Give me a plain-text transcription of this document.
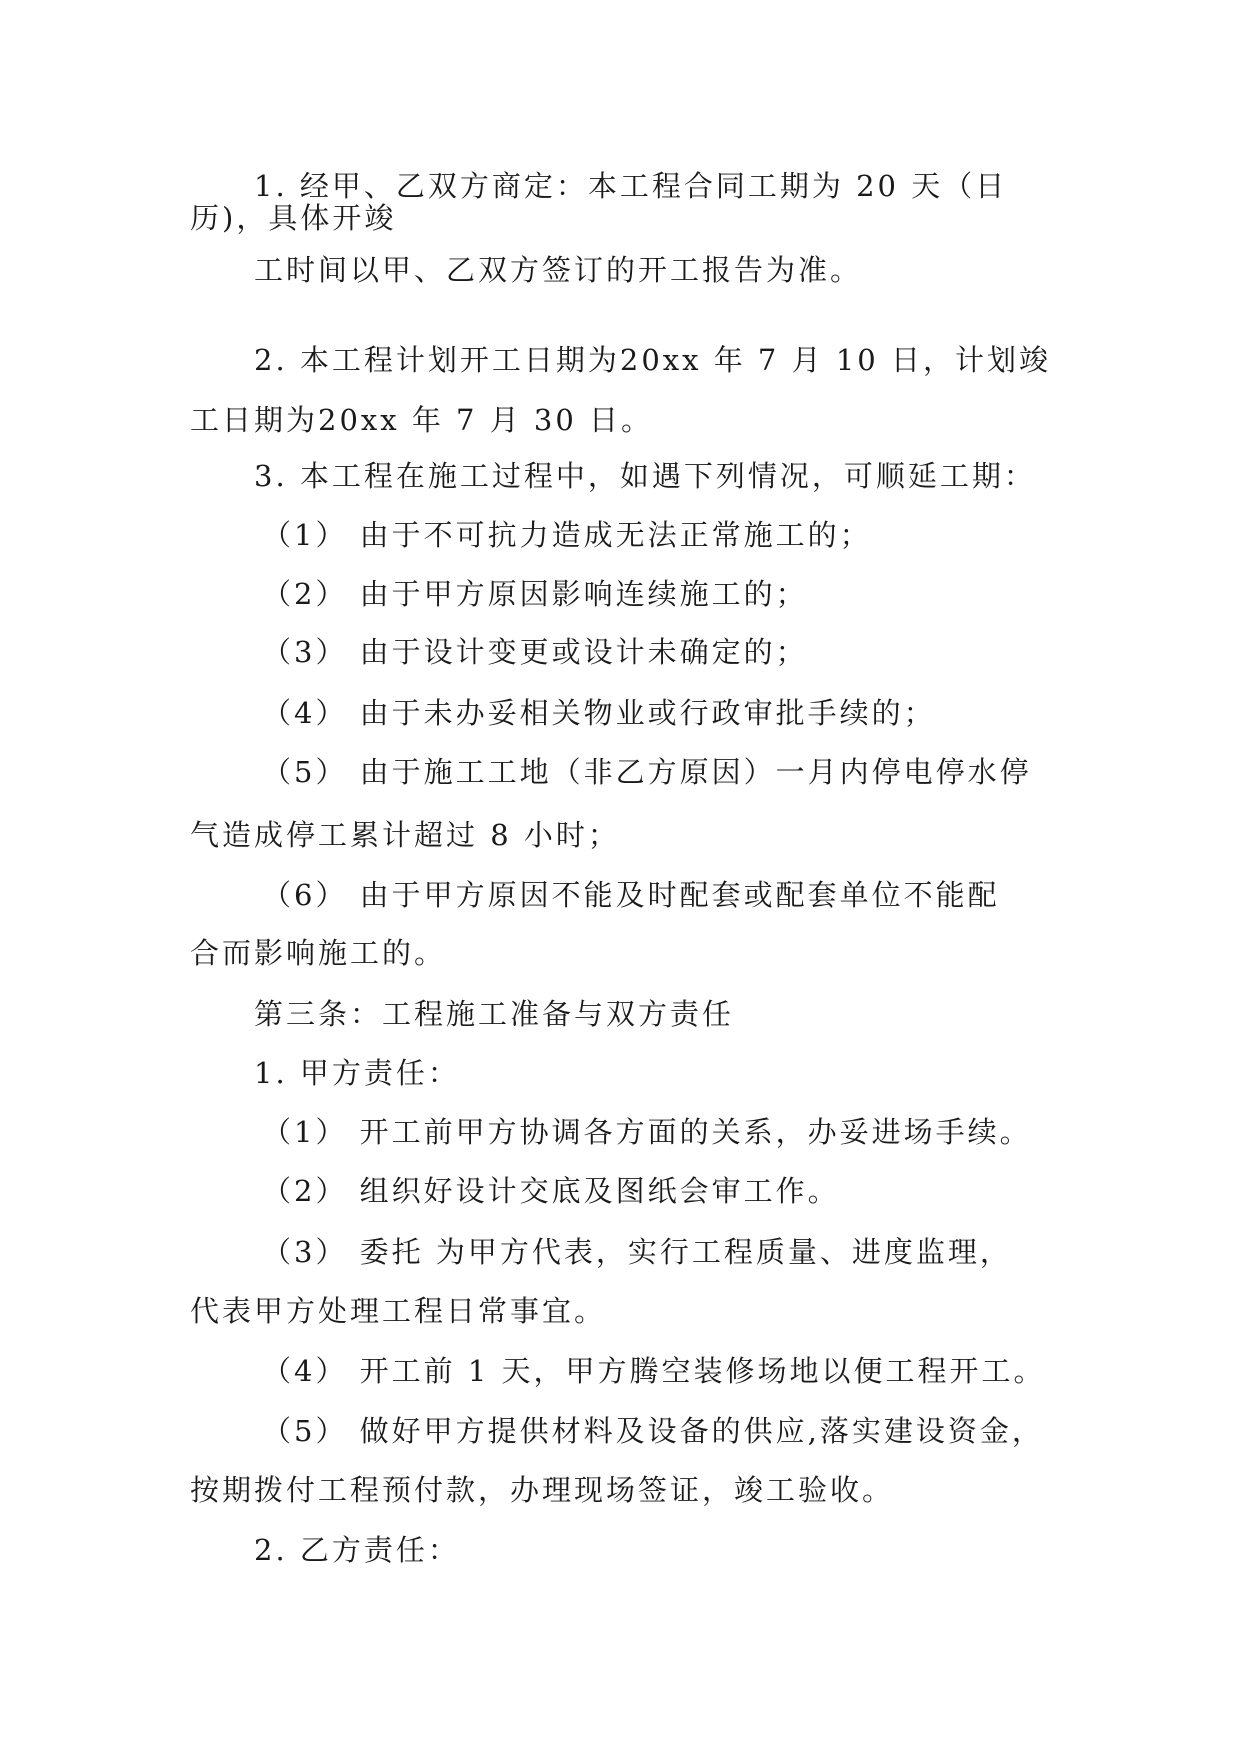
1. 经甲、乙双方商定：本工程合同工期为 20 天（日
历)，具体开竣
工时间以甲、乙双方签订的开工报告为准。
2. 本工程计划开工日期为20xx 年 7 月 10 日，计划竣
工日期为20xx 年 7 月 30 日。
3. 本工程在施工过程中，如遇下列情况，可顺延工期：
（1） 由于不可抗力造成无法正常施工的；
（2） 由于甲方原因影响连续施工的；
（3） 由于设计变更或设计未确定的；
（4） 由于未办妥相关物业或行政审批手续的；
（5） 由于施工工地（非乙方原因）一月内停电停水停
气造成停工累计超过 8 小时；
（6） 由于甲方原因不能及时配套或配套单位不能配
合而影响施工的。
第三条：工程施工准备与双方责任
1. 甲方责任：
（1） 开工前甲方协调各方面的关系，办妥进场手续。
（2） 组织好设计交底及图纸会审工作。
（3） 委托 为甲方代表，实行工程质量、进度监理，
代表甲方处理工程日常事宜。
（4） 开工前 1 天，甲方腾空装修场地以便工程开工。
（5） 做好甲方提供材料及设备的供应,落实建设资金，
按期拨付工程预付款，办理现场签证，竣工验收。
2. 乙方责任：
